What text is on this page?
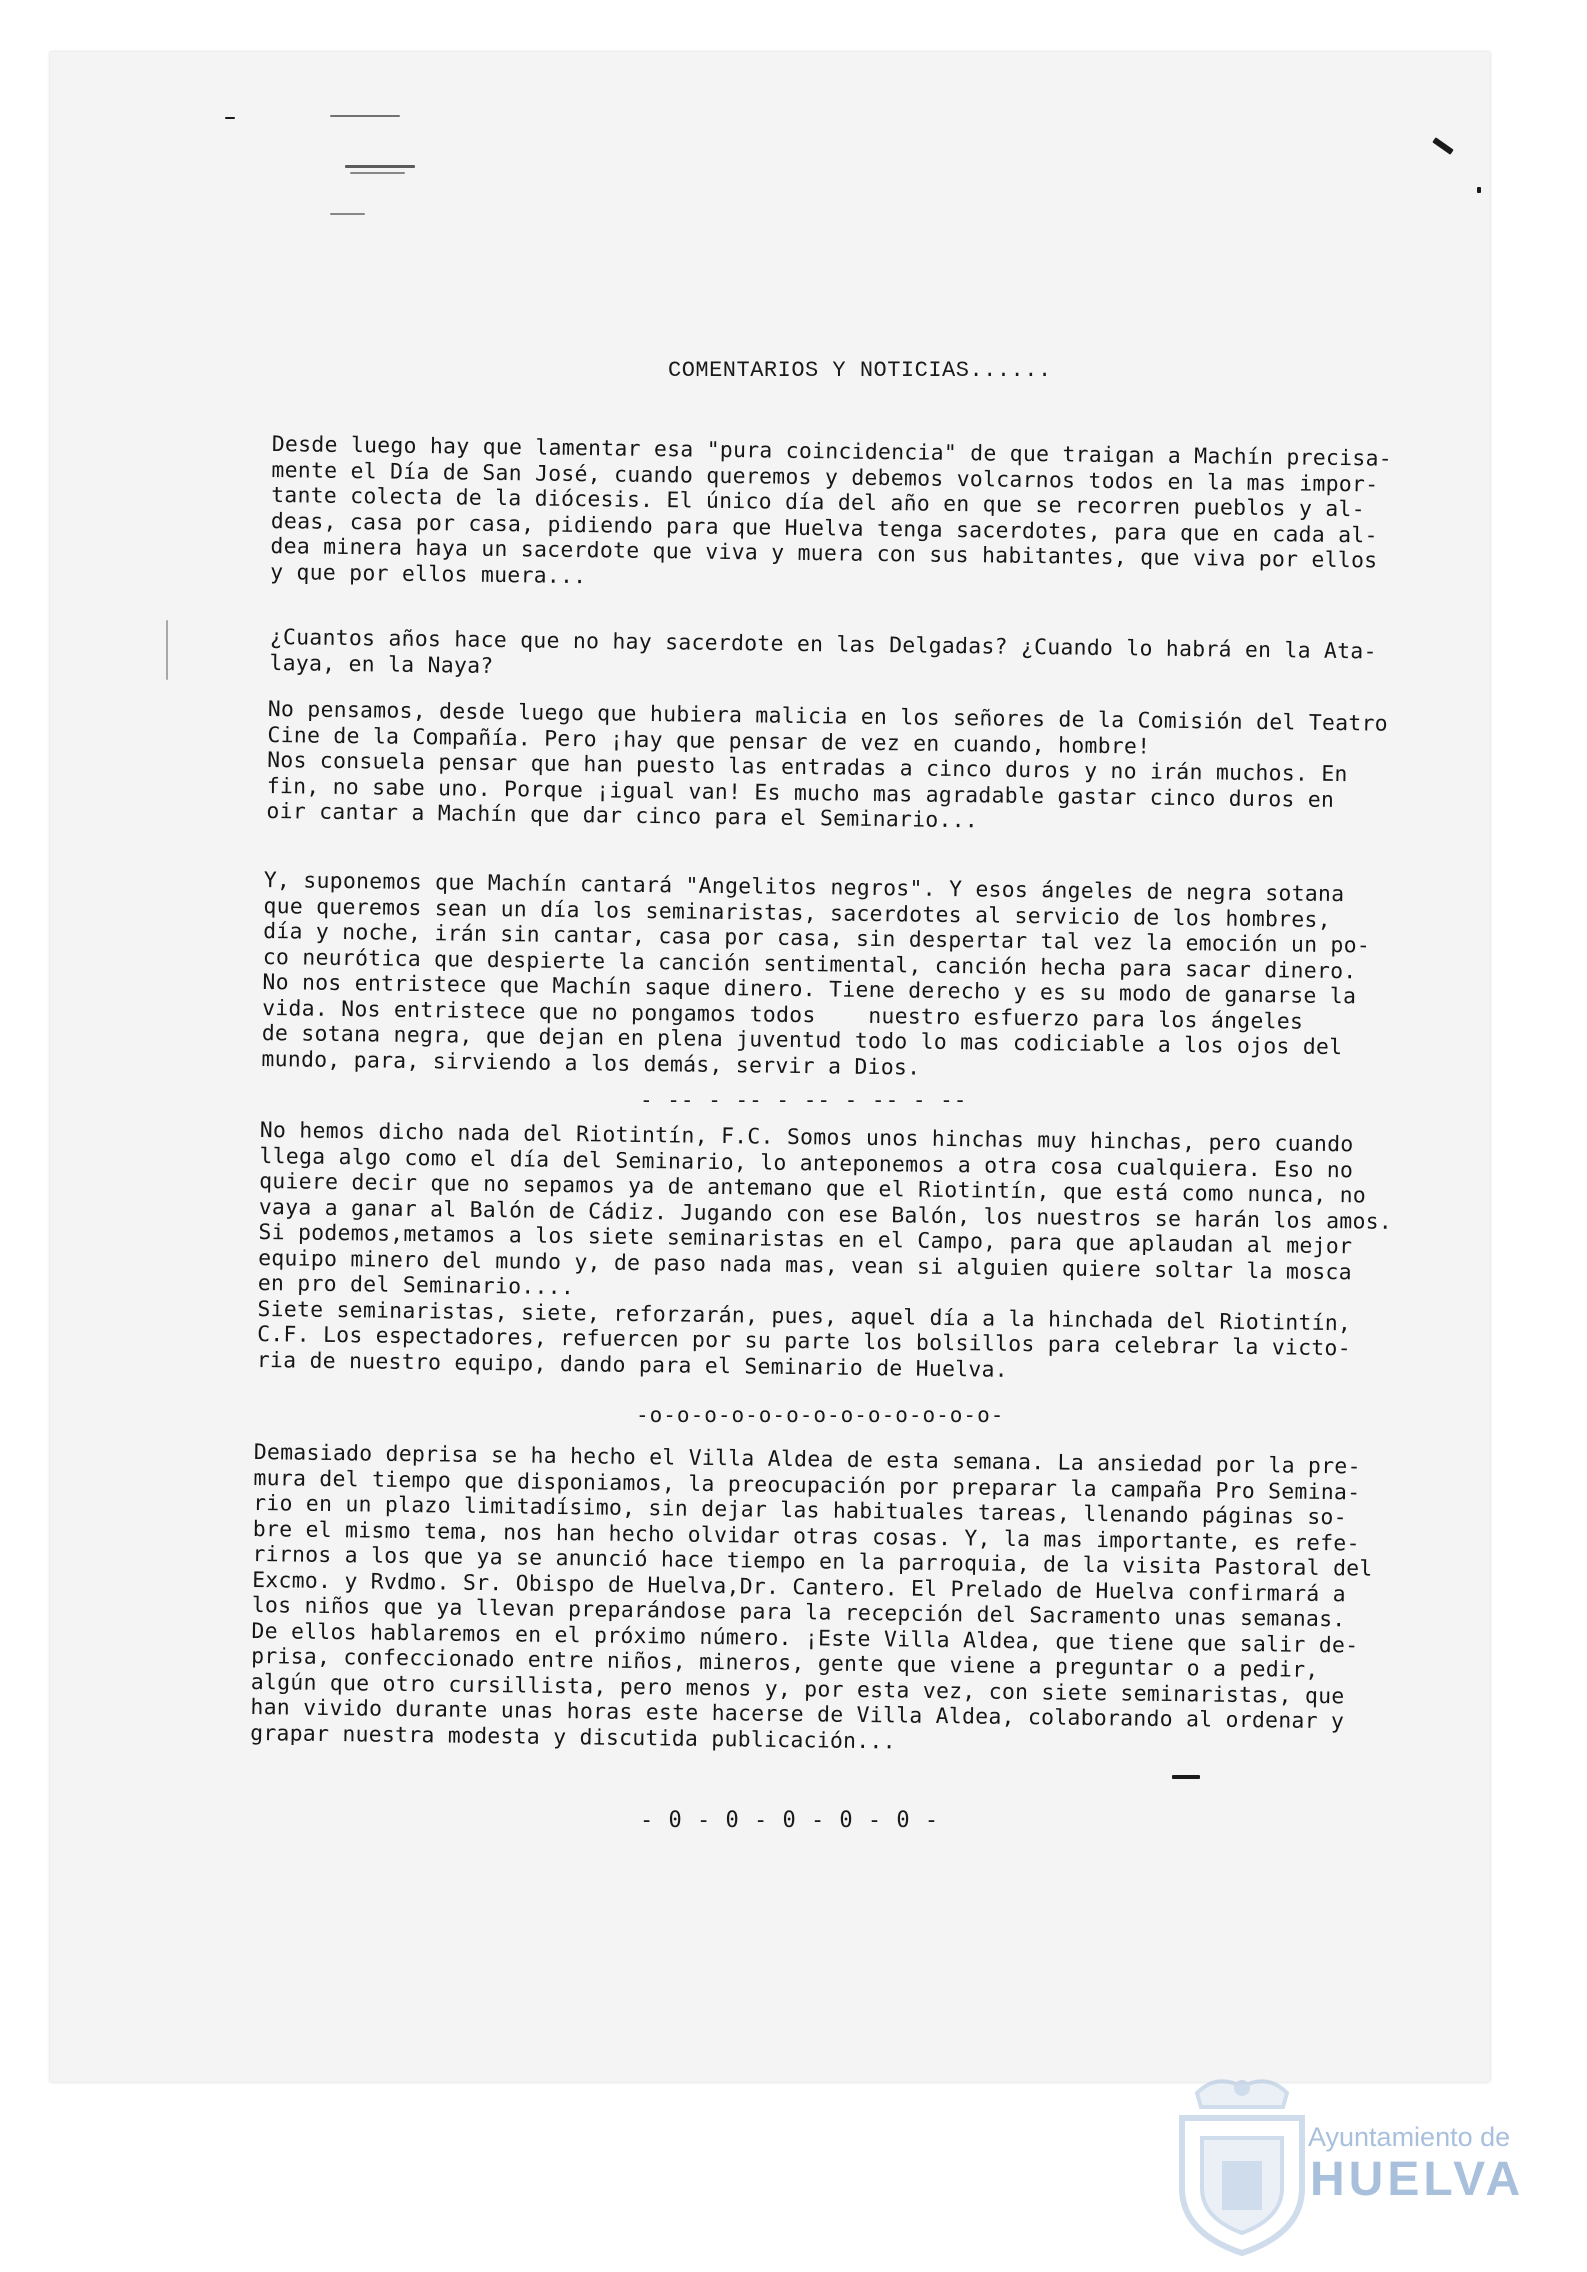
COMENTARIOS Y NOTICIAS......
Desde luego hay que lamentar esa "pura coincidencia" de que traigan a Machín precisa-
mente el Día de San José, cuando queremos y debemos volcarnos todos en la mas impor-
tante colecta de la diócesis. El único día del año en que se recorren pueblos y al-
deas, casa por casa, pidiendo para que Huelva tenga sacerdotes, para que en cada al-
dea minera haya un sacerdote que viva y muera con sus habitantes, que viva por ellos
y que por ellos muera...
¿Cuantos años hace que no hay sacerdote en las Delgadas? ¿Cuando lo habrá en la Ata-
laya, en la Naya?
No pensamos, desde luego que hubiera malicia en los señores de la Comisión del Teatro
Cine de la Compañía. Pero ¡hay que pensar de vez en cuando, hombre!
Nos consuela pensar que han puesto las entradas a cinco duros y no irán muchos. En
fin, no sabe uno. Porque ¡igual van! Es mucho mas agradable gastar cinco duros en
oir cantar a Machín que dar cinco para el Seminario...
Y, suponemos que Machín cantará "Angelitos negros". Y esos ángeles de negra sotana
que queremos sean un día los seminaristas, sacerdotes al servicio de los hombres,
día y noche, irán sin cantar, casa por casa, sin despertar tal vez la emoción un po-
co neurótica que despierte la canción sentimental, canción hecha para sacar dinero.
No nos entristece que Machín saque dinero. Tiene derecho y es su modo de ganarse la
vida. Nos entristece que no pongamos todos    nuestro esfuerzo para los ángeles
de sotana negra, que dejan en plena juventud todo lo mas codiciable a los ojos del
mundo, para, sirviendo a los demás, servir a Dios.
- -- - -- - -- - -- - --
No hemos dicho nada del Riotintín, F.C. Somos unos hinchas muy hinchas, pero cuando
llega algo como el día del Seminario, lo anteponemos a otra cosa cualquiera. Eso no
quiere decir que no sepamos ya de antemano que el Riotintín, que está como nunca, no
vaya a ganar al Balón de Cádiz. Jugando con ese Balón, los nuestros se harán los amos.
Si podemos,metamos a los siete seminaristas en el Campo, para que aplaudan al mejor
equipo minero del mundo y, de paso nada mas, vean si alguien quiere soltar la mosca
en pro del Seminario....
Siete seminaristas, siete, reforzarán, pues, aquel día a la hinchada del Riotintín,
C.F. Los espectadores, refuercen por su parte los bolsillos para celebrar la victo-
ria de nuestro equipo, dando para el Seminario de Huelva.
-o-o-o-o-o-o-o-o-o-o-o-o-o-
Demasiado deprisa se ha hecho el Villa Aldea de esta semana. La ansiedad por la pre-
mura del tiempo que disponiamos, la preocupación por preparar la campaña Pro Semina-
rio en un plazo limitadísimo, sin dejar las habituales tareas, llenando páginas so-
bre el mismo tema, nos han hecho olvidar otras cosas. Y, la mas importante, es refe-
rirnos a los que ya se anunció hace tiempo en la parroquia, de la visita Pastoral del
Excmo. y Rvdmo. Sr. Obispo de Huelva,Dr. Cantero. El Prelado de Huelva confirmará a
los niños que ya llevan preparándose para la recepción del Sacramento unas semanas.
De ellos hablaremos en el próximo número. ¡Este Villa Aldea, que tiene que salir de-
prisa, confeccionado entre niños, mineros, gente que viene a preguntar o a pedir,
algún que otro cursillista, pero menos y, por esta vez, con siete seminaristas, que
han vivido durante unas horas este hacerse de Villa Aldea, colaborando al ordenar y
grapar nuestra modesta y discutida publicación...
- 0 - 0 - 0 - 0 - 0 -
Ayuntamiento de
HUELVA
